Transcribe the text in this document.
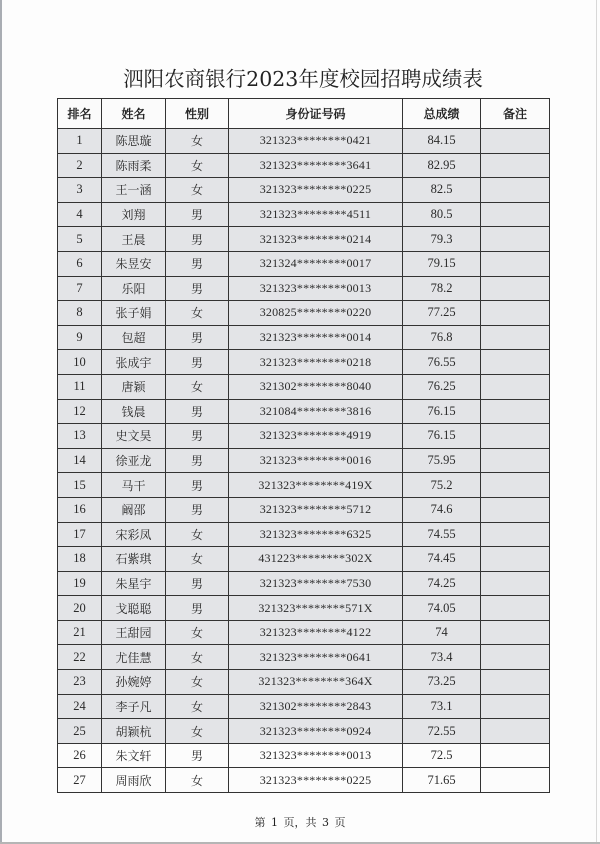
泗阳农商银行2023年度校园招聘成绩表
排名	姓名	性别	身份证号码	总成绩	备注
1	陈思璇	女	321323********0421	84.15	
2	陈雨柔	女	321323********3641	82.95	
3	王一涵	女	321323********0225	82.5	
4	刘翔	男	321323********4511	80.5	
5	王晨	男	321323********0214	79.3	
6	朱昱安	男	321324********0017	79.15	
7	乐阳	男	321323********0013	78.2	
8	张子娟	女	320825********0220	77.25	
9	包超	男	321323********0014	76.8	
10	张成宇	男	321323********0218	76.55	
11	唐颖	女	321302********8040	76.25	
12	钱晨	男	321084********3816	76.15	
13	史文昊	男	321323********4919	76.15	
14	徐亚龙	男	321323********0016	75.95	
15	马干	男	321323********419X	75.2	
16	阚邵	男	321323********5712	74.6	
17	宋彩凤	女	321323********6325	74.55	
18	石紫琪	女	431223********302X	74.45	
19	朱星宇	男	321323********7530	74.25	
20	戈聪聪	男	321323********571X	74.05	
21	王甜园	女	321323********4122	74	
22	尤佳慧	女	321323********0641	73.4	
23	孙婉婷	女	321323********364X	73.25	
24	李子凡	女	321302********2843	73.1	
25	胡颖杭	女	321323********0924	72.55	
26	朱文轩	男	321323********0013	72.5	
27	周雨欣	女	321323********0225	71.65	
第 1 页，共 3 页
